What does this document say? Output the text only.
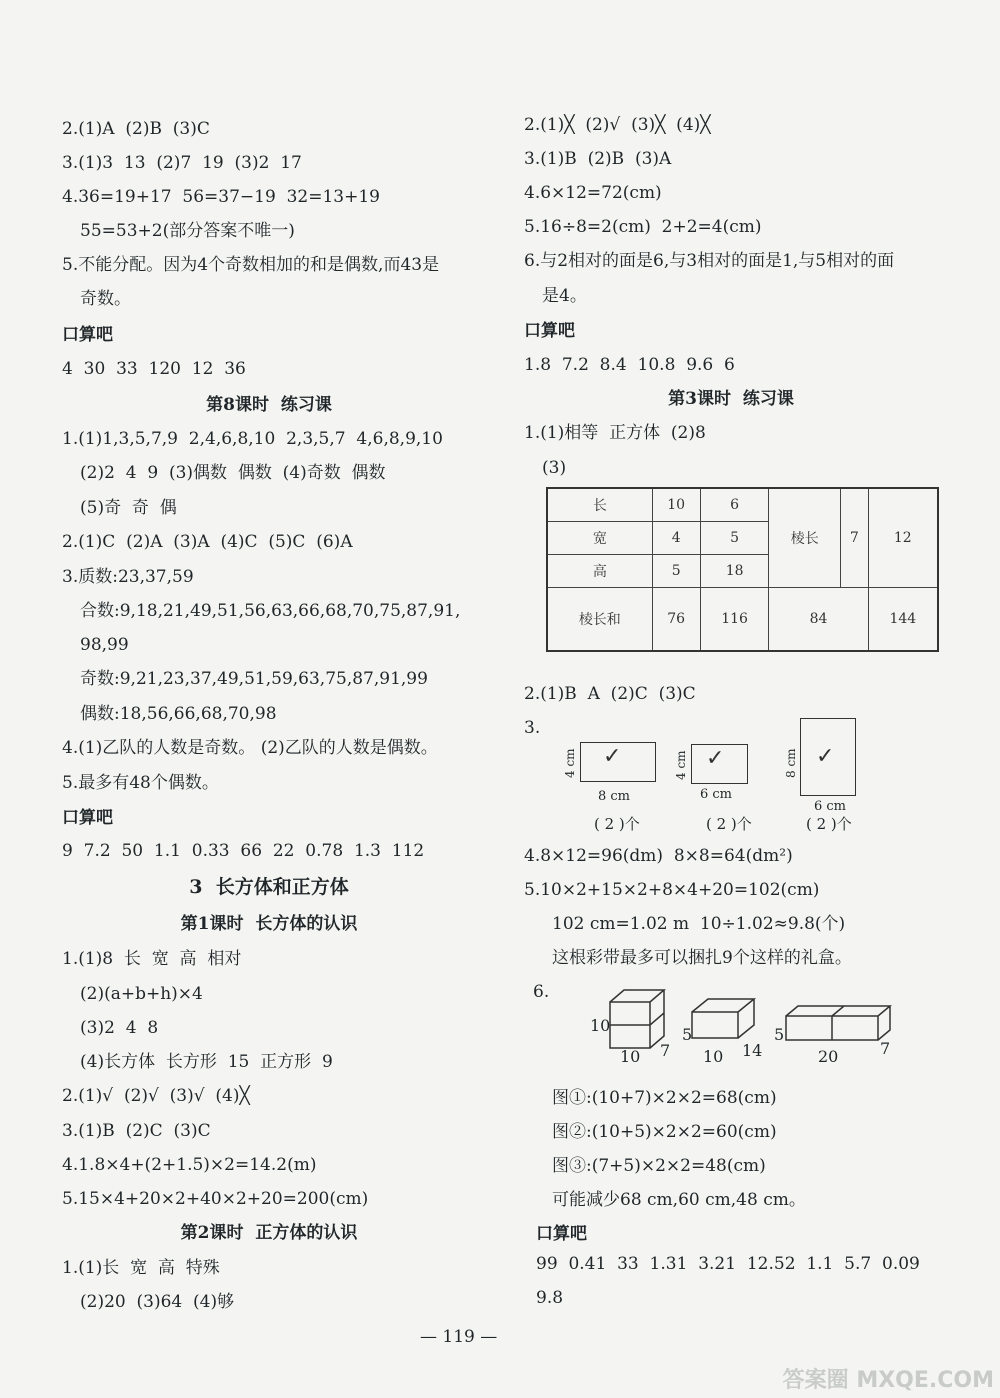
2.(1)A  (2)B  (3)C
3.(1)3  13  (2)7  19  (3)2  17
4.36=19+17  56=37−19  32=13+19
55=53+2(部分答案不唯一)
5.不能分配。因为4个奇数相加的和是偶数,而43是
奇数。
口算吧
4  30  33  120  12  36
第8课时  练习课
1.(1)1,3,5,7,9  2,4,6,8,10  2,3,5,7  4,6,8,9,10
(2)2  4  9  (3)偶数  偶数  (4)奇数  偶数
(5)奇  奇  偶
2.(1)C  (2)A  (3)A  (4)C  (5)C  (6)A
3.质数:23,37,59
合数:9,18,21,49,51,56,63,66,68,70,75,87,91,
98,99
奇数:9,21,23,37,49,51,59,63,75,87,91,99
偶数:18,56,66,68,70,98
4.(1)乙队的人数是奇数。 (2)乙队的人数是偶数。
5.最多有48个偶数。
口算吧
9  7.2  50  1.1  0.33  66  22  0.78  1.3  112
3  长方体和正方体
第1课时  长方体的认识
1.(1)8  长  宽  高  相对
(2)(a+b+h)×4
(3)2  4  8
(4)长方体  长方形  15  正方形  9
2.(1)√  (2)√  (3)√  (4)╳
3.(1)B  (2)C  (3)C
4.1.8×4+(2+1.5)×2=14.2(m)
5.15×4+20×2+40×2+20=200(cm)
第2课时  正方体的认识
1.(1)长  宽  高  特殊
(2)20  (3)64  (4)够
2.(1)╳  (2)√  (3)╳  (4)╳
3.(1)B  (2)B  (3)A
4.6×12=72(cm)
5.16÷8=2(cm)  2+2=4(cm)
6.与2相对的面是6,与3相对的面是1,与5相对的面
是4。
口算吧
1.8  7.2  8.4  10.8  9.6  6
第3课时  练习课
1.(1)相等  正方体  (2)8
(3)
长	10	6	棱长	7	12
宽	4	5			
高	5	18			
棱长和	76	116	84		144
2.(1)B  A  (2)C  (3)C
3.
✓
4 cm
8 cm
✓
4 cm
6 cm
✓
8 cm
6 cm
( 2 )个	( 2 )个	( 2 )个
4.8×12=96(dm)  8×8=64(dm²)
5.10×2+15×2+8×4+20=102(cm)
102 cm=1.02 m  10÷1.02≈9.8(个)
这根彩带最多可以捆扎9个这样的礼盒。
6.
10
10 7
5
10 14
5
20	7
图①:(10+7)×2×2=68(cm)
图②:(10+5)×2×2=60(cm)
图③:(7+5)×2×2=48(cm)
可能减少68 cm,60 cm,48 cm。
口算吧
99  0.41  33  1.31  3.21  12.52  1.1  5.7  0.09
9.8
— 119 —
答案圈 MXQE.COM
